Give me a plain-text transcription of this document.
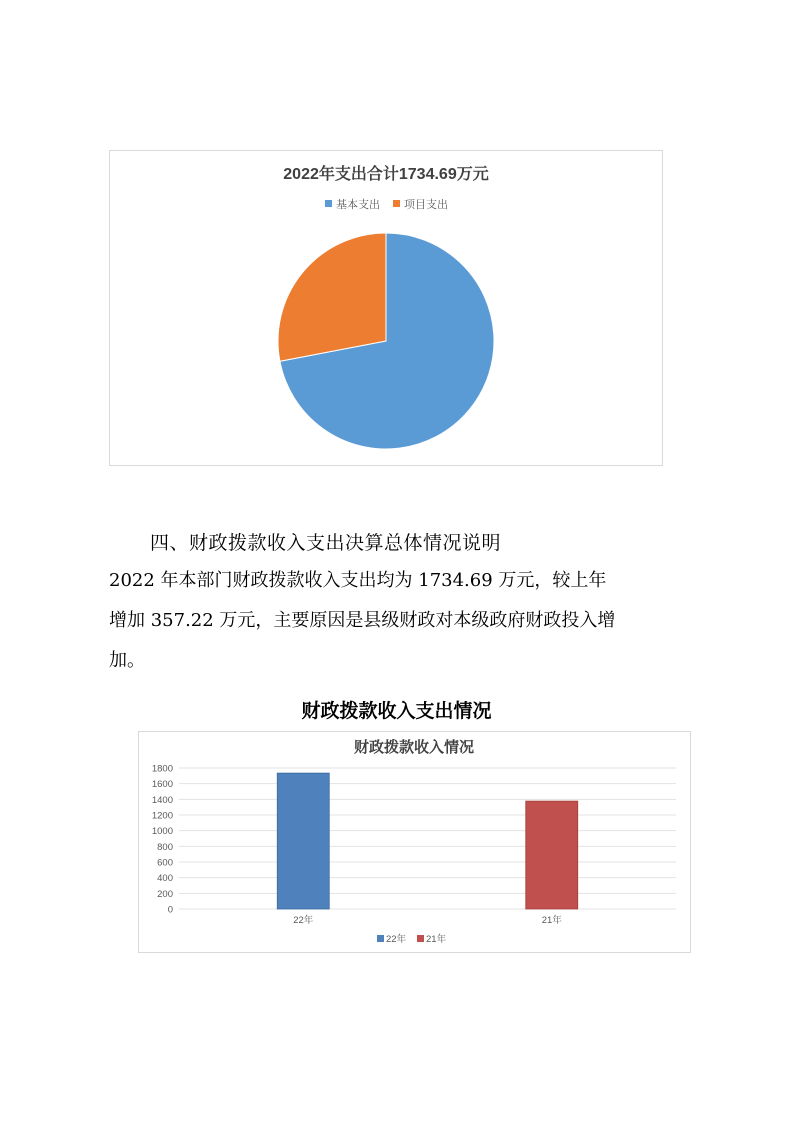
2022年支出合计1734.69万元
基本支出 项目支出
四、财政拨款收入支出决算总体情况说明
2022 年本部门财政拨款收入支出均为 1734.69 万元，较上年
增加 357.22 万元，主要原因是县级财政对本级政府财政投入增
加。
财政拨款收入支出情况
财政拨款收入情况
0
200
400
600
800
1000
1200
1400
1600
1800
22年	21年
22年 21年
